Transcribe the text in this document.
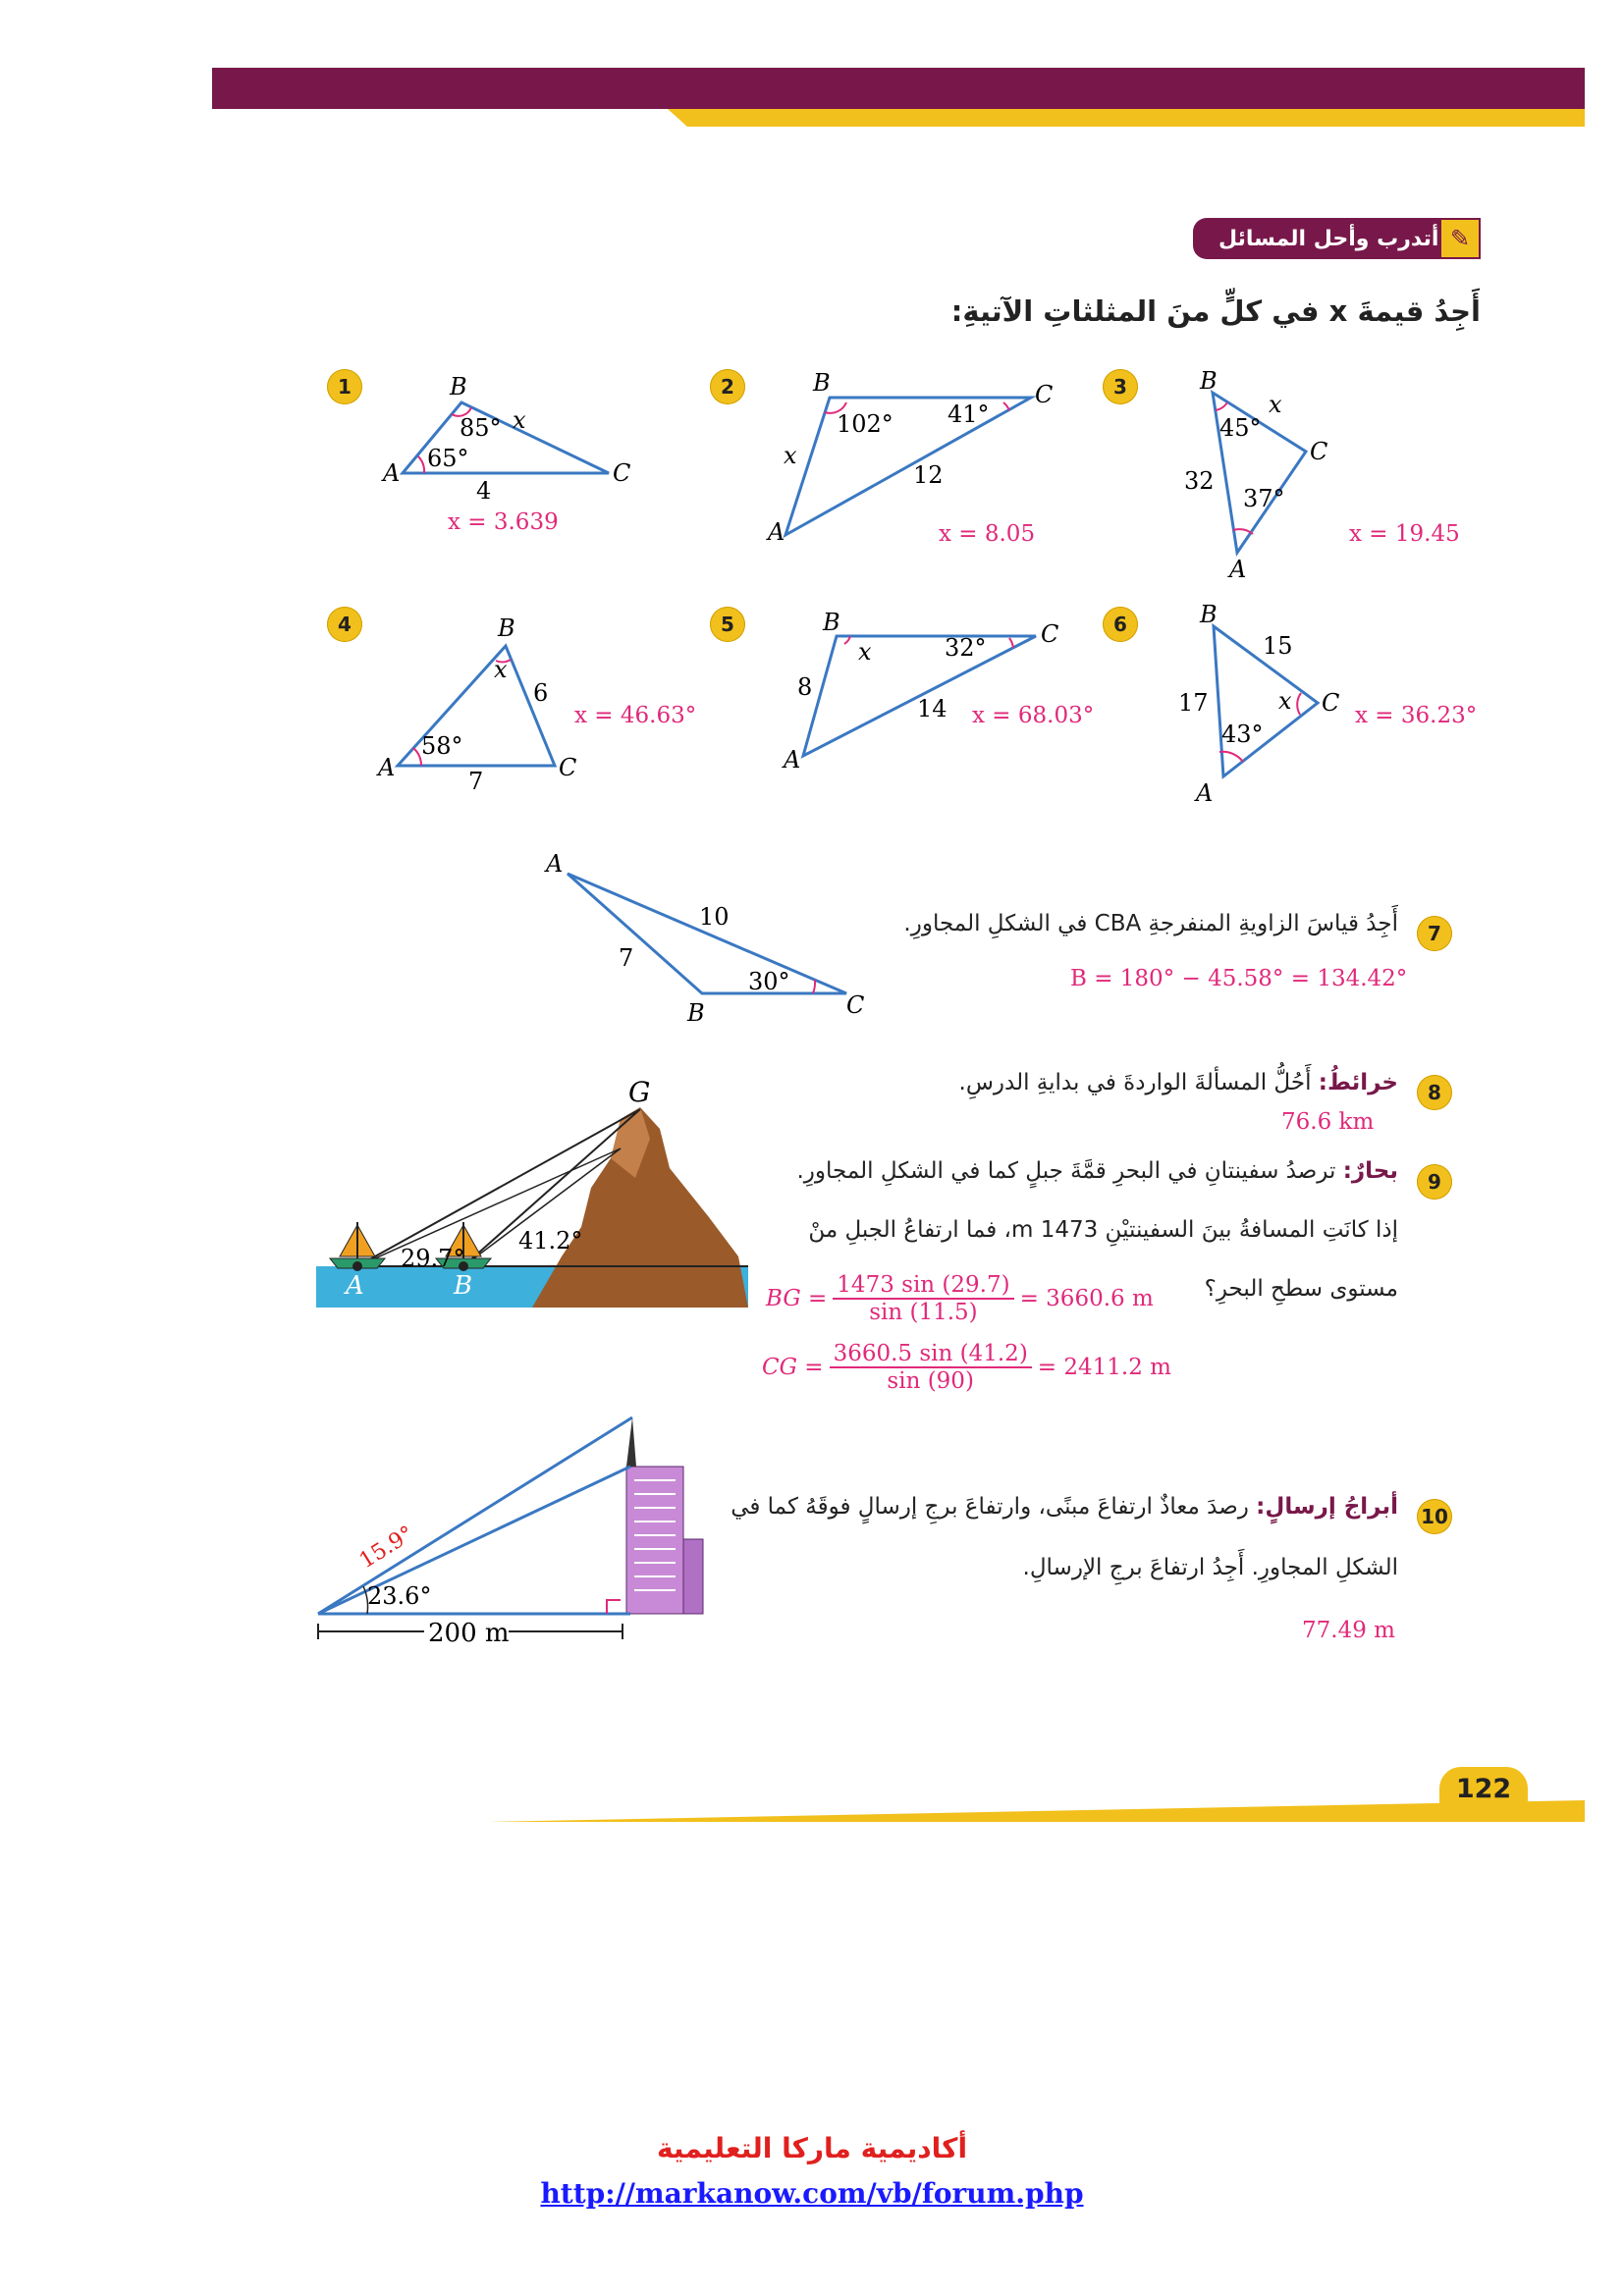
أتدرب وأحل المسائل ✎
أَجِدُ قيمةَ x في كلٍّ منَ المثلثاتِ الآتيةِ:
1
A
B
C
85°
65°
x
4
x = 3.639
2	B	C
A
102° 41°
x
12
x = 8.05
3	B
C
A
45°
37°
x
32
x = 19.45
4
A
B
C
x
58°
6
7
x = 46.63°
5	B	C
A
x	32°
8
14 x = 68.03°
6	B
C
A
x
43°
15
17	x = 36.23°
A
B	C
10
7
30°
7
أَجِدُ قياسَ الزاويةِ المنفرجةِ CBA في الشكلِ المجاورِ.
B = 180° − 45.58° = 134.42°
8
خرائطُ: أَحُلُّ المسألةَ الواردةَ في بدايةِ الدرسِ.
76.6 km
G
A	B
29.7°
41.2°
9
بحارٌ: ترصدُ سفينتانِ في البحرِ قمَّةَ جبلٍ كما في الشكلِ المجاورِ.
إذا كانَتِ المسافةُ بينَ السفينتيْنِ 1473 m، فما ارتفاعُ الجبلِ منْ
مستوى سطحِ البحرِ؟
BG = $\frac{1473 \sin (29.7)}{\sin (11.5)} = 3660.6$ m
CG = $\frac{3660.5 \sin (41.2)}{\sin (90)} = 2411.2$ m
200 m
23.6°
15.9°
10
أبراجُ إرسالٍ: رصدَ معاذٌ ارتفاعَ مبنًى، وارتفاعَ برجِ إرسالٍ فوقَهُ كما في
الشكلِ المجاورِ. أَجِدُ ارتفاعَ برجِ الإرسالِ.
77.49 m
122
أكاديمية ماركا التعليمية
http://markanow.com/vb/forum.php
